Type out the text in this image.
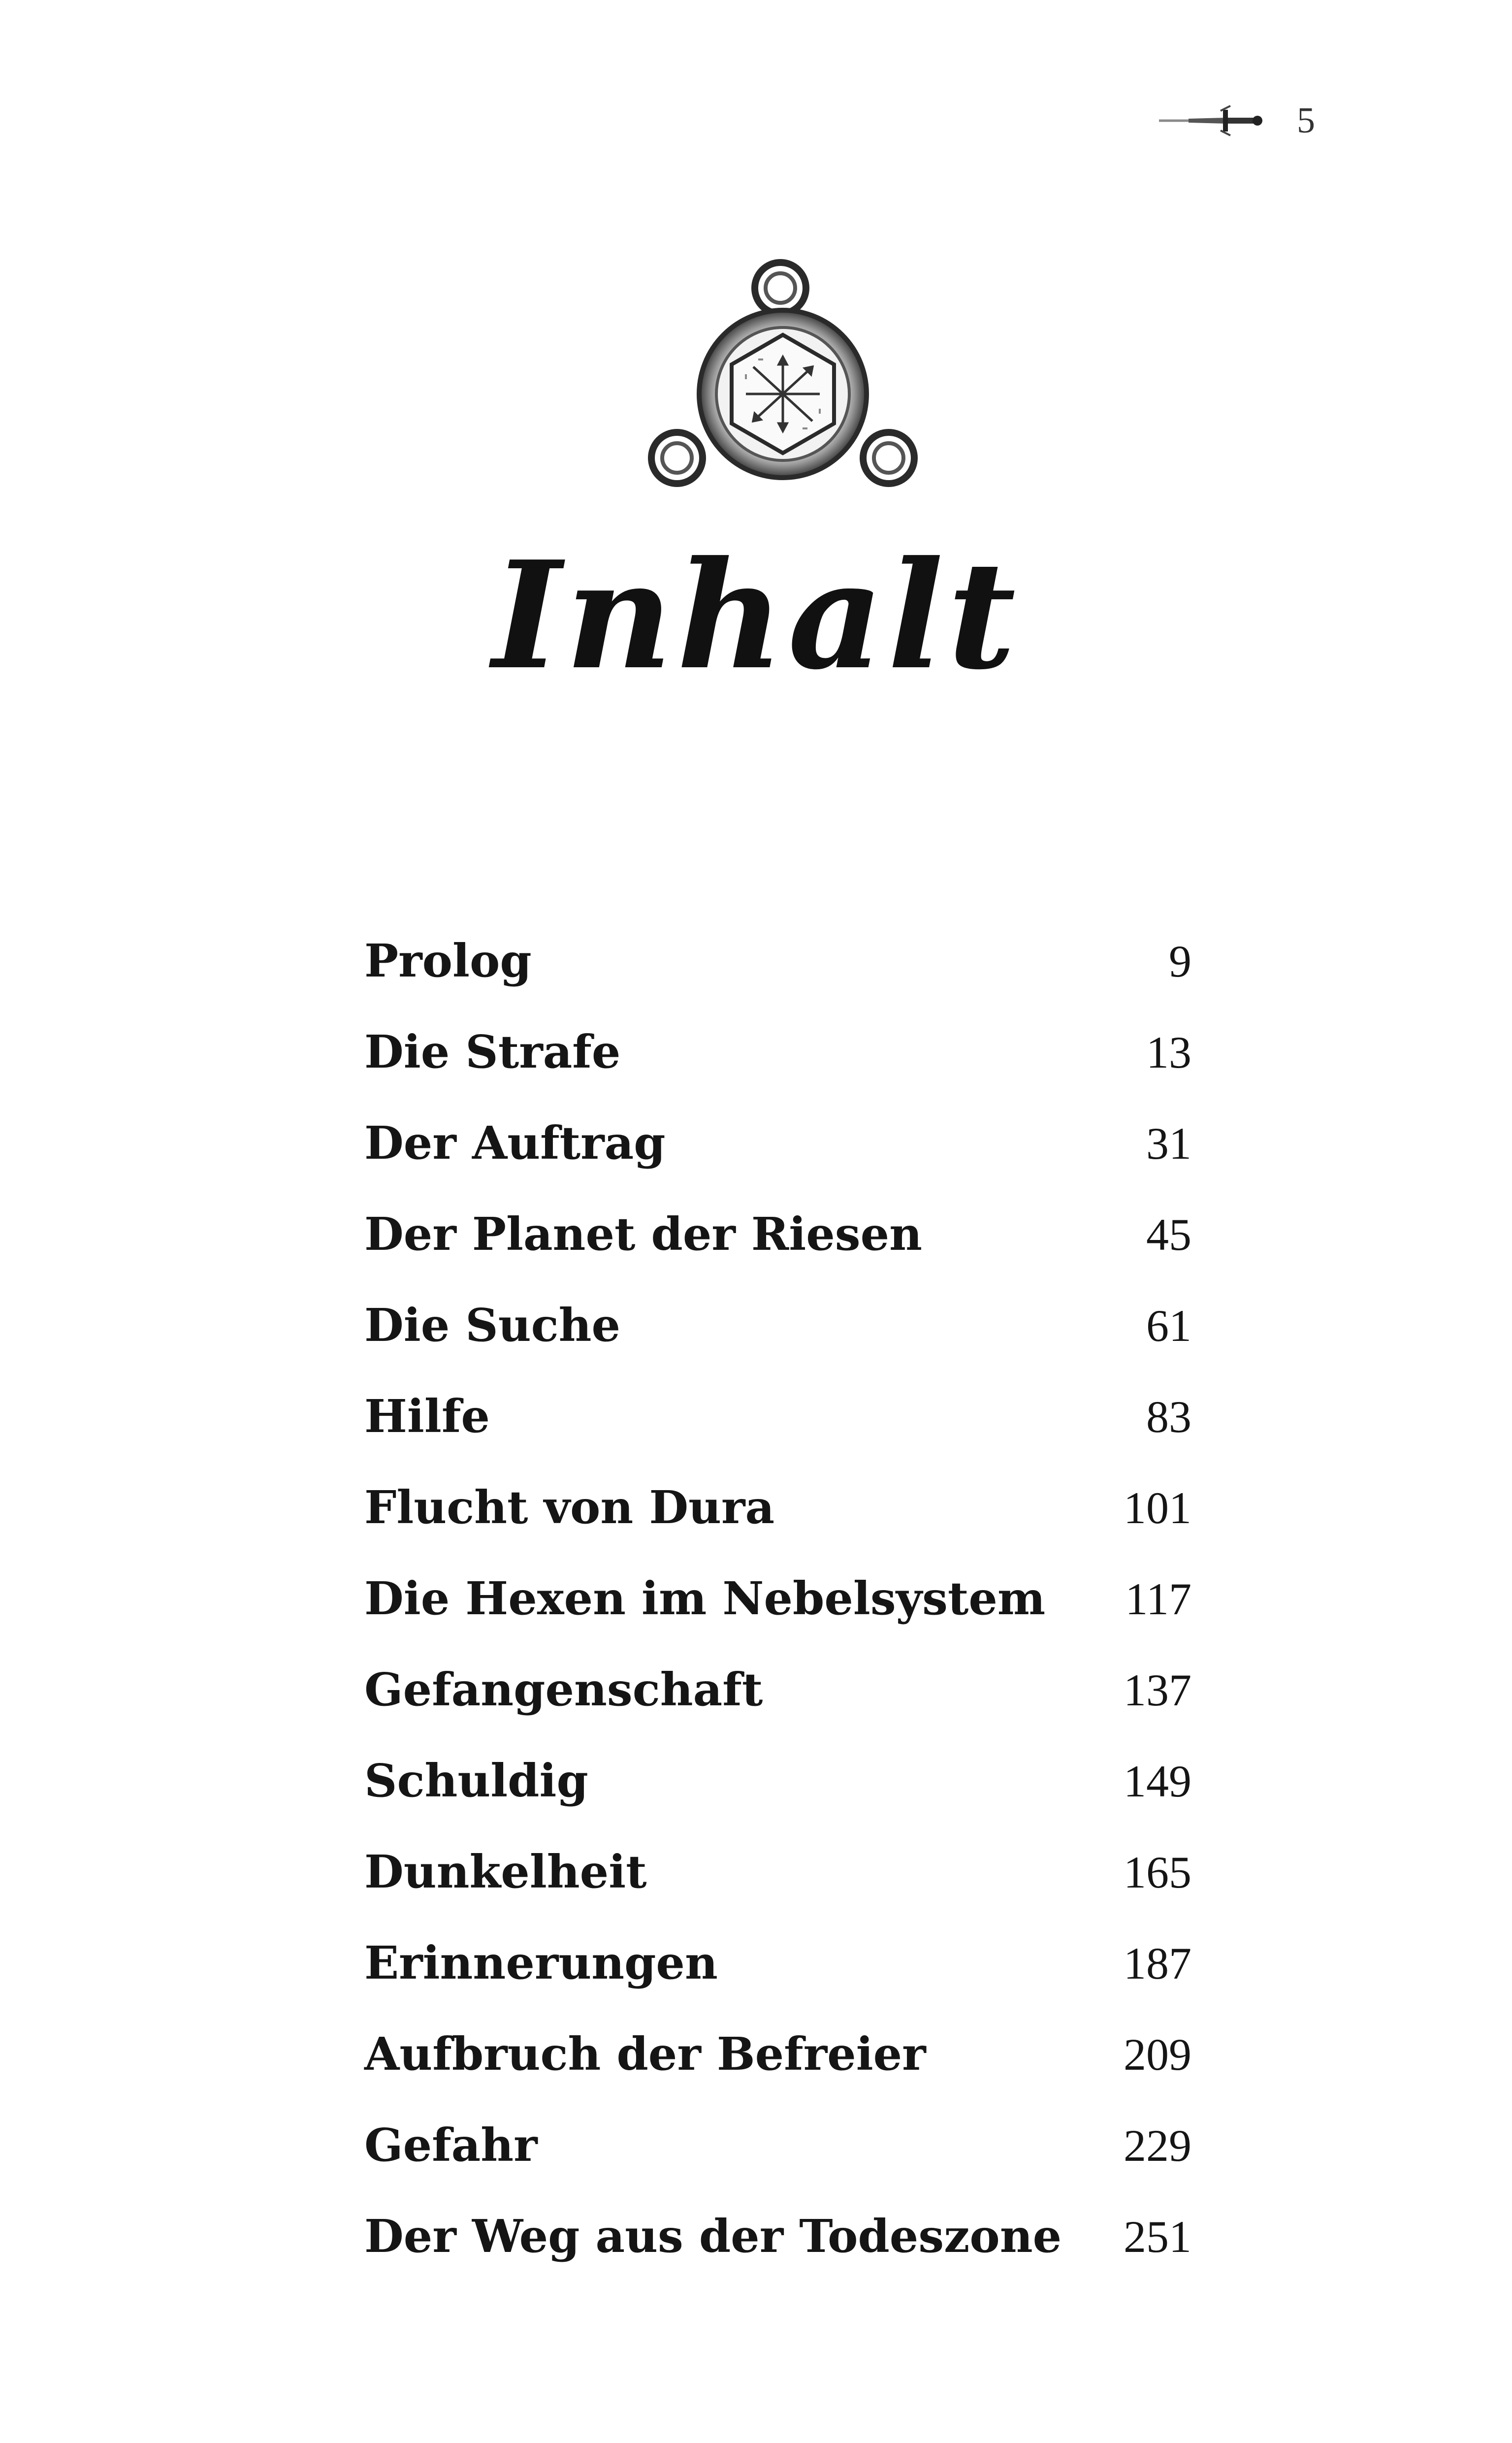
5
Inhalt
Prolog	9
Die Strafe	13
Der Auftrag	31
Der Planet der Riesen	45
Die Suche	61
Hilfe	83
Flucht von Dura	101
Die Hexen im Nebelsystem 117
Gefangenschaft	137
Schuldig	149
Dunkelheit	165
Erinnerungen	187
Aufbruch der Befreier	209
Gefahr	229
Der Weg aus der Todeszone 251
